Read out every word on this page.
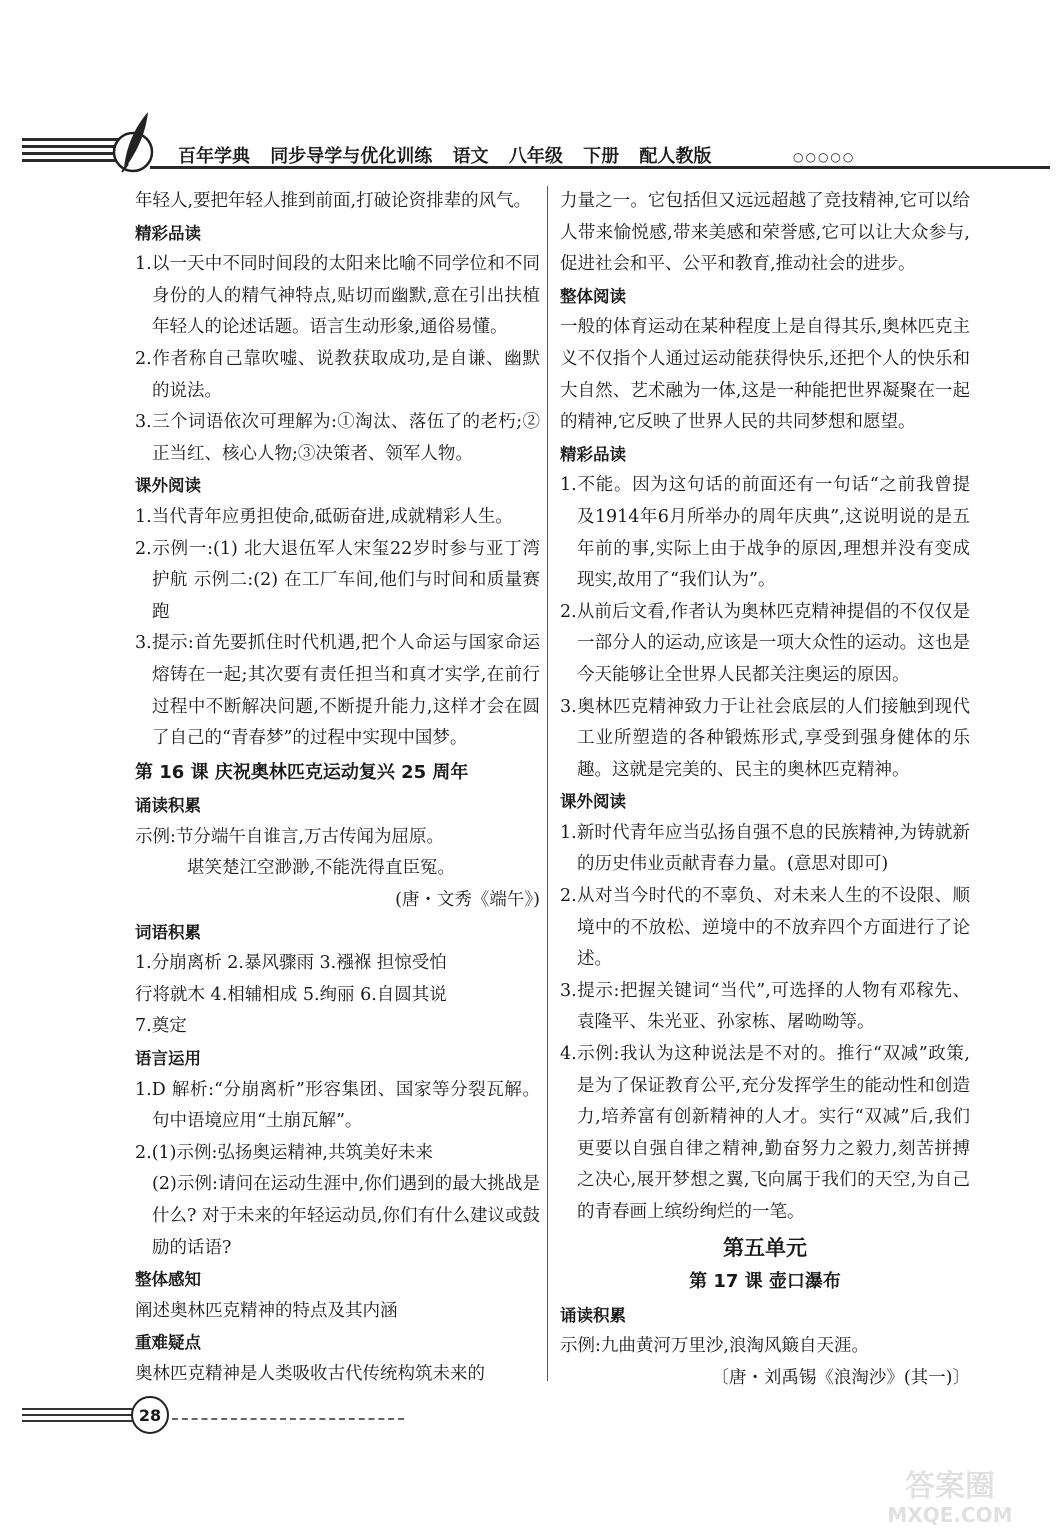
百年学典 同步导学与优化训练 语文 八年级 下册 配人教版	○○○○○

年轻人,要把年轻人推到前面,打破论资排辈的风气。

精彩品读

1.以一天中不同时间段的太阳来比喻不同学位和不同身份的人的精气神特点,贴切而幽默,意在引出扶植年轻人的论述话题。语言生动形象,通俗易懂。

2.作者称自己靠吹嘘、说教获取成功,是自谦、幽默的说法。

3.三个词语依次可理解为:①淘汰、落伍了的老朽;②正当红、核心人物;③决策者、领军人物。

课外阅读

1.当代青年应勇担使命,砥砺奋进,成就精彩人生。

2.示例一:(1) 北大退伍军人宋玺22岁时参与亚丁湾护航 示例二:(2) 在工厂车间,他们与时间和质量赛跑

3.提示:首先要抓住时代机遇,把个人命运与国家命运熔铸在一起;其次要有责任担当和真才实学,在前行过程中不断解决问题,不断提升能力,这样才会在圆了自己的“青春梦”的过程中实现中国梦。

第 16 课 庆祝奥林匹克运动复兴 25 周年

诵读积累

示例:节分端午自谁言,万古传闻为屈原。

堪笑楚江空渺渺,不能洗得直臣冤。

(唐・文秀《端午》)

词语积累

1.分崩离析 2.暴风骤雨 3.襁褓 担惊受怕

行将就木 4.相辅相成 5.绚丽 6.自圆其说

7.奠定

语言运用

1.D 解析:“分崩离析”形容集团、国家等分裂瓦解。句中语境应用“土崩瓦解”。

2.(1)示例:弘扬奥运精神,共筑美好未来

(2)示例:请问在运动生涯中,你们遇到的最大挑战是什么? 对于未来的年轻运动员,你们有什么建议或鼓励的话语?

整体感知

阐述奥林匹克精神的特点及其内涵

重难疑点

奥林匹克精神是人类吸收古代传统构筑未来的

力量之一。它包括但又远远超越了竞技精神,它可以给人带来愉悦感,带来美感和荣誉感,它可以让大众参与,促进社会和平、公平和教育,推动社会的进步。

整体阅读

一般的体育运动在某种程度上是自得其乐,奥林匹克主义不仅指个人通过运动能获得快乐,还把个人的快乐和大自然、艺术融为一体,这是一种能把世界凝聚在一起的精神,它反映了世界人民的共同梦想和愿望。

精彩品读

1.不能。因为这句话的前面还有一句话“之前我曾提及1914年6月所举办的周年庆典”,这说明说的是五年前的事,实际上由于战争的原因,理想并没有变成现实,故用了“我们认为”。

2.从前后文看,作者认为奥林匹克精神提倡的不仅仅是一部分人的运动,应该是一项大众性的运动。这也是今天能够让全世界人民都关注奥运的原因。

3.奥林匹克精神致力于让社会底层的人们接触到现代工业所塑造的各种锻炼形式,享受到强身健体的乐趣。这就是完美的、民主的奥林匹克精神。

课外阅读

1.新时代青年应当弘扬自强不息的民族精神,为铸就新的历史伟业贡献青春力量。(意思对即可)

2.从对当今时代的不辜负、对未来人生的不设限、顺境中的不放松、逆境中的不放弃四个方面进行了论述。

3.提示:把握关键词“当代”,可选择的人物有邓稼先、袁隆平、朱光亚、孙家栋、屠呦呦等。

4.示例:我认为这种说法是不对的。推行“双减”政策,是为了保证教育公平,充分发挥学生的能动性和创造力,培养富有创新精神的人才。实行“双减”后,我们更要以自强自律之精神,勤奋努力之毅力,刻苦拼搏之决心,展开梦想之翼,飞向属于我们的天空,为自己的青春画上缤纷绚烂的一笔。

第五单元

第 17 课 壶口瀑布

诵读积累

示例:九曲黄河万里沙,浪淘风簸自天涯。

〔唐・刘禹锡《浪淘沙》(其一)〕

28
答案圈
MXQE.COM
